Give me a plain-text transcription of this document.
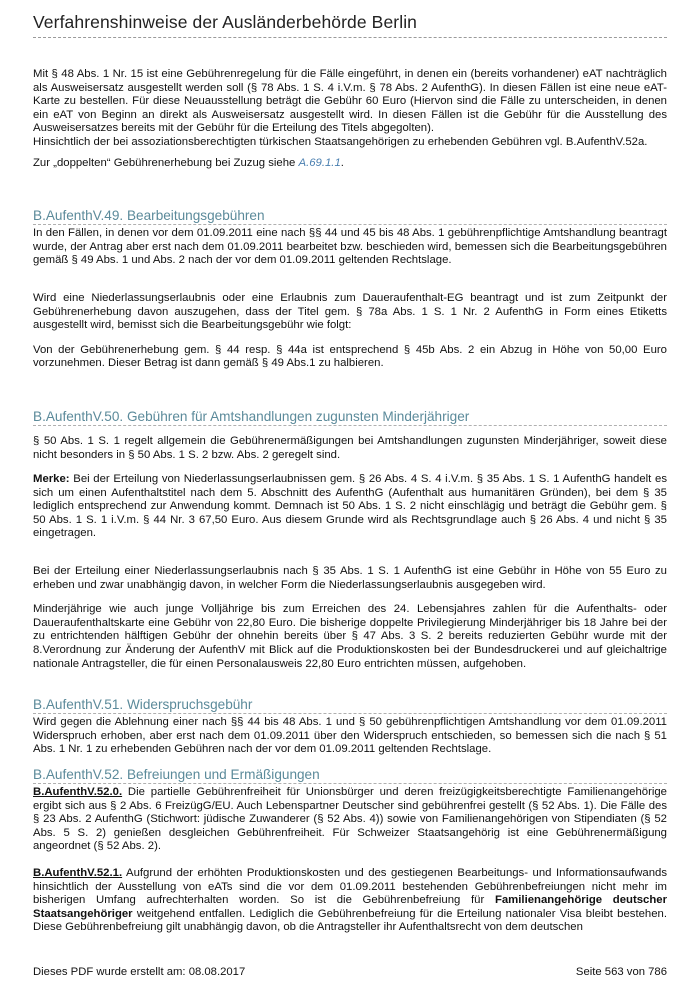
Verfahrenshinweise der Ausländerbehörde Berlin

Mit § 48 Abs. 1 Nr. 15 ist eine Gebührenregelung für die Fälle eingeführt, in denen ein (bereits vorhandener) eAT nachträglich als Ausweisersatz ausgestellt werden soll (§ 78 Abs. 1 S. 4 i.V.m. § 78 Abs. 2 AufenthG). In diesen Fällen ist eine neue eAT-Karte zu bestellen. Für diese Neuausstellung beträgt die Gebühr 60 Euro (Hiervon sind die Fälle zu unterscheiden, in denen ein eAT von Beginn an direkt als Ausweisersatz ausgestellt wird. In diesen Fällen ist die Gebühr für die Ausstellung des Ausweisersatzes bereits mit der Gebühr für die Erteilung des Titels abgegolten).

Hinsichtlich der bei assoziationsberechtigten türkischen Staatsangehörigen zu erhebenden Gebühren vgl. B.AufenthV.52a.

Zur „doppelten“ Gebührenerhebung bei Zuzug siehe A.69.1.1.

B.AufenthV.49. Bearbeitungsgebühren

In den Fällen, in denen vor dem 01.09.2011 eine nach §§ 44 und 45 bis 48 Abs. 1 gebührenpflichtige Amtshandlung beantragt wurde, der Antrag aber erst nach dem 01.09.2011 bearbeitet bzw. beschieden wird, bemessen sich die Bearbeitungsgebühren gemäß § 49 Abs. 1 und Abs. 2 nach der vor dem 01.09.2011 geltenden Rechtslage.

Wird eine Niederlassungserlaubnis oder eine Erlaubnis zum Daueraufenthalt-EG beantragt und ist zum Zeitpunkt der Gebührenerhebung davon auszugehen, dass der Titel gem. § 78a Abs. 1 S. 1 Nr. 2 AufenthG in Form eines Etiketts ausgestellt wird, bemisst sich die Bearbeitungsgebühr wie folgt:

Von der Gebührenerhebung gem. § 44 resp. § 44a ist entsprechend § 45b Abs. 2 ein Abzug in Höhe von 50,00 Euro vorzunehmen. Dieser Betrag ist dann gemäß § 49 Abs.1 zu halbieren.

B.AufenthV.50. Gebühren für Amtshandlungen zugunsten Minderjähriger

§ 50 Abs. 1 S. 1 regelt allgemein die Gebührenermäßigungen bei Amtshandlungen zugunsten Minderjähriger, soweit diese nicht besonders in § 50 Abs. 1 S. 2 bzw. Abs. 2 geregelt sind.

Merke: Bei der Erteilung von Niederlassungserlaubnissen gem. § 26 Abs. 4 S. 4 i.V.m. § 35 Abs. 1 S. 1 AufenthG handelt es sich um einen Aufenthaltstitel nach dem 5. Abschnitt des AufenthG (Aufenthalt aus humanitären Gründen), bei dem § 35 lediglich entsprechend zur Anwendung kommt. Demnach ist 50 Abs. 1 S. 2 nicht einschlägig und beträgt die Gebühr gem. § 50 Abs. 1 S. 1 i.V.m. § 44 Nr. 3 67,50 Euro. Aus diesem Grunde wird als Rechtsgrundlage auch § 26 Abs. 4 und nicht § 35 eingetragen.

Bei der Erteilung einer Niederlassungserlaubnis nach § 35 Abs. 1 S. 1 AufenthG ist eine Gebühr in Höhe von 55 Euro zu erheben und zwar unabhängig davon, in welcher Form die Niederlassungserlaubnis ausgegeben wird.

Minderjährige wie auch junge Volljährige bis zum Erreichen des 24. Lebensjahres zahlen für die Aufenthalts- oder Daueraufenthaltskarte eine Gebühr von 22,80 Euro. Die bisherige doppelte Privilegierung Minderjähriger bis 18 Jahre bei der zu entrichtenden hälftigen Gebühr der ohnehin bereits über § 47 Abs. 3 S. 2 bereits reduzierten Gebühr wurde mit der 8.Verordnung zur Änderung der AufenthV mit Blick auf die Produktionskosten bei der Bundesdruckerei und auf gleichaltrige nationale Antragsteller, die für einen Personalausweis 22,80 Euro entrichten müssen, aufgehoben.

B.AufenthV.51. Widerspruchsgebühr

Wird gegen die Ablehnung einer nach §§ 44 bis 48 Abs. 1 und § 50 gebührenpflichtigen Amtshandlung vor dem 01.09.2011 Widerspruch erhoben, aber erst nach dem 01.09.2011 über den Widerspruch entschieden, so bemessen sich die nach § 51 Abs. 1 Nr. 1 zu erhebenden Gebühren nach der vor dem 01.09.2011 geltenden Rechtslage.

B.AufenthV.52. Befreiungen und Ermäßigungen

B.AufenthV.52.0. Die partielle Gebührenfreiheit für Unionsbürger und deren freizügigkeitsberechtigte Familienangehörige ergibt sich aus § 2 Abs. 6 FreizügG/EU. Auch Lebenspartner Deutscher sind gebührenfrei gestellt (§ 52 Abs. 1). Die Fälle des § 23 Abs. 2 AufenthG (Stichwort: jüdische Zuwanderer (§ 52 Abs. 4)) sowie von Familienangehörigen von Stipendiaten (§ 52 Abs. 5 S. 2) genießen desgleichen Gebührenfreiheit. Für Schweizer Staatsangehörig ist eine Gebührenermäßigung angeordnet (§ 52 Abs. 2).

B.AufenthV.52.1. Aufgrund der erhöhten Produktionskosten und des gestiegenen Bearbeitungs- und Informationsaufwands hinsichtlich der Ausstellung von eATs sind die vor dem 01.09.2011 bestehenden Gebührenbefreiungen nicht mehr im bisherigen Umfang aufrechterhalten worden. So ist die Gebührenbefreiung für Familienangehörige deutscher Staatsangehöriger weitgehend entfallen. Lediglich die Gebührenbefreiung für die Erteilung nationaler Visa bleibt bestehen. Diese Gebührenbefreiung gilt unabhängig davon, ob die Antragsteller ihr Aufenthaltsrecht von dem deutschen

Dieses PDF wurde erstellt am: 08.08.2017	Seite 563 von 786
